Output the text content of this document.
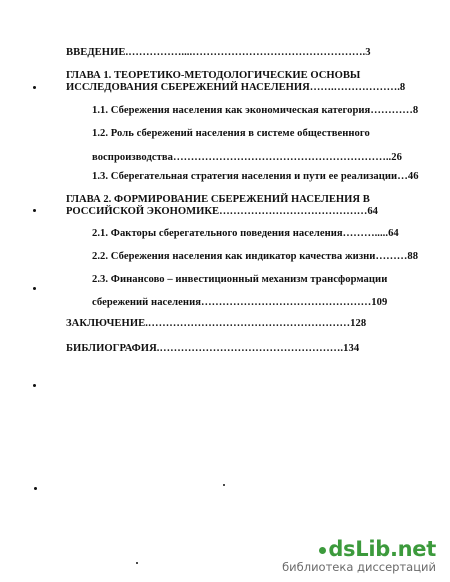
ВВЕДЕНИЕ.……………....………………………………………….3
ГЛАВА 1. ТЕОРЕТИКО-МЕТОДОЛОГИЧЕСКИЕ ОСНОВЫ
ИССЛЕДОВАНИЯ СБЕРЕЖЕНИЙ НАСЕЛЕНИЯ…….……………….8
1.1. Сбережения населения как экономическая категория…………8
1.2. Роль сбережений населения в системе общественного
воспроизводства……………………………………………………..26
1.3. Сберегательная стратегия населения и пути ее реализации…46
ГЛАВА 2. ФОРМИРОВАНИЕ СБЕРЕЖЕНИЙ НАСЕЛЕНИЯ В
РОССИЙСКОЙ ЭКОНОМИКЕ……………………………………64
2.1. Факторы сберегательного поведения населения……….....64
2.2. Сбережения населения как индикатор качества жизни………88
2.3. Финансово – инвестиционный механизм трансформации
сбережений населения…………………………………………109
ЗАКЛЮЧЕНИЕ.…………………………………………………128
БИБЛИОГРАФИЯ.…………………………………………….134
dsLib.net
библиотека диссертаций
